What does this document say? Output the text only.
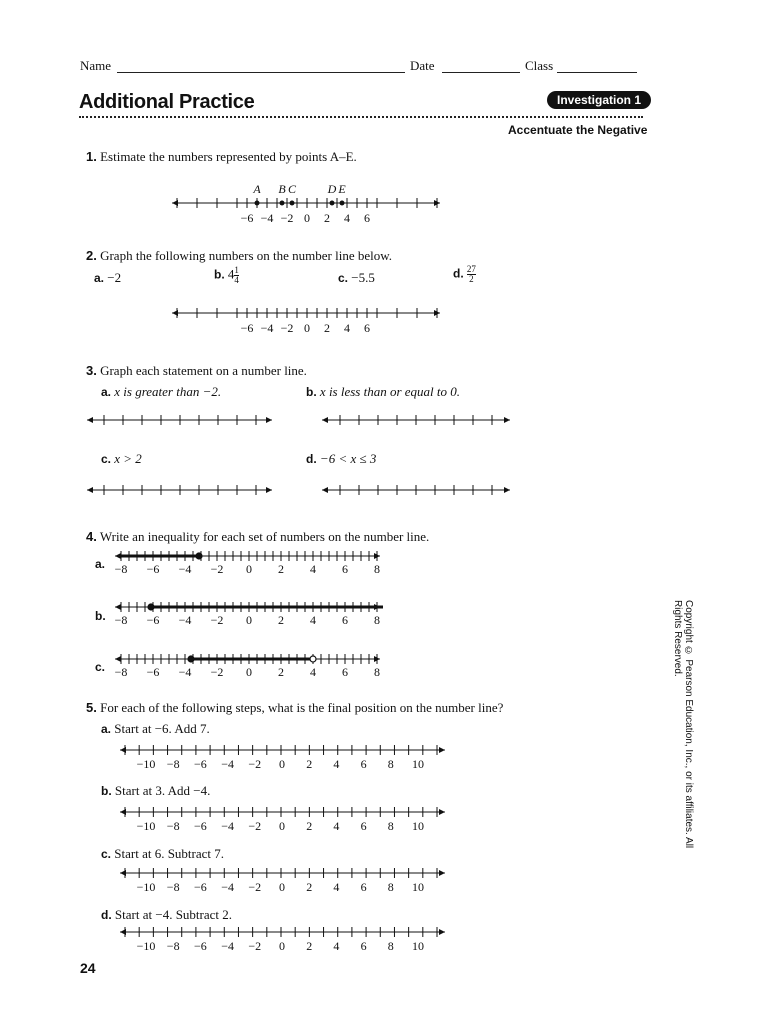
Name	Date	Class
Additional Practice	Investigation 1
Accentuate the Negative
1. Estimate the numbers represented by points A–E.
−6 −4 −2 0 2 4 6
A B C	D E
−6 −4 −2 0 2 4 6
−8 −6 −4 −2 0 2 4 6 8
−8 −6 −4 −2 0 2 4 6 8
−8 −6 −4 −2 0 2 4 6 8
−10 −8 −6 −4 −2 0 2 4 6 8 10
−10 −8 −6 −4 −2 0 2 4 6 8 10
−10 −8 −6 −4 −2 0 2 4 6 8 10
−10 −8 −6 −4 −2 0 2 4 6 8 10
2. Graph the following numbers on the number line below.
a. −2	b. $4 \frac{1}{4}$	c. −5.5	d. $\frac{27}{2}$
3. Graph each statement on a number line.
a. x is greater than −2.	b. x is less than or equal to 0.
c. x > 2	d. −6 < x ≤ 3
4. Write an inequality for each set of numbers on the number line.
a.
b.
c.
5. For each of the following steps, what is the final position on the number line?
a. Start at −6. Add 7.
b. Start at 3. Add −4.
c. Start at 6. Subtract 7.
d. Start at −4. Subtract 2.
Copyright © Pearson Education, Inc., or its affiliates. All Rights Reserved.
24
